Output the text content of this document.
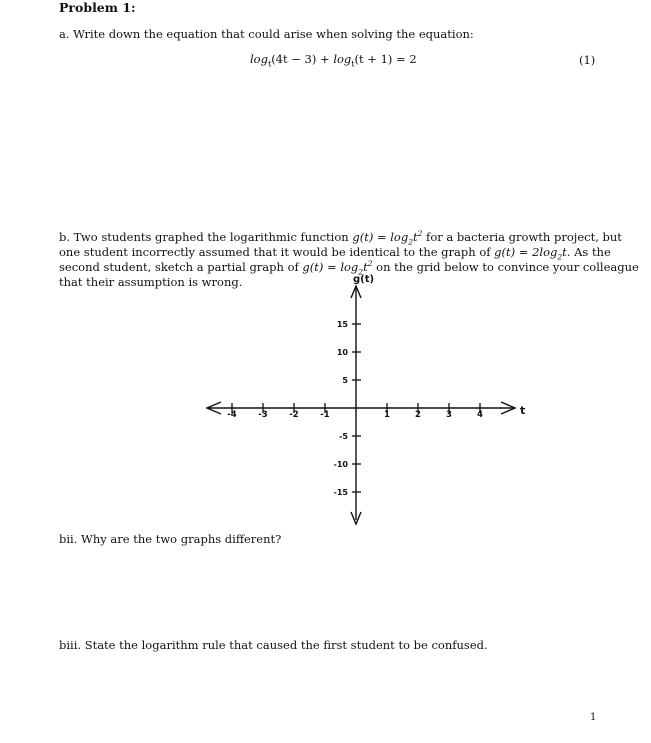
Problem 1:
a. Write down the equation that could arise when solving the equation:
$\log_t(4t - 3) + \log_t(t + 1) = 2$	(1)
b. Two students graphed the logarithmic function $g(t) = \log_2t^2$ for a bacteria growth project, but
one student incorrectly assumed that it would be identical to the graph of $g(t) = 2\log_2t$. As the
second student, sketch a partial graph of $g(t) = \log_2t^2$ on the grid below to convince your colleague
that their assumption is wrong.	g(t)
t
-4	-3	-2	-1	1	2	3	4
15
10
5
-5
-10
-15
bii. Why are the two graphs different?
biii. State the logarithm rule that caused the first student to be confused.
1
